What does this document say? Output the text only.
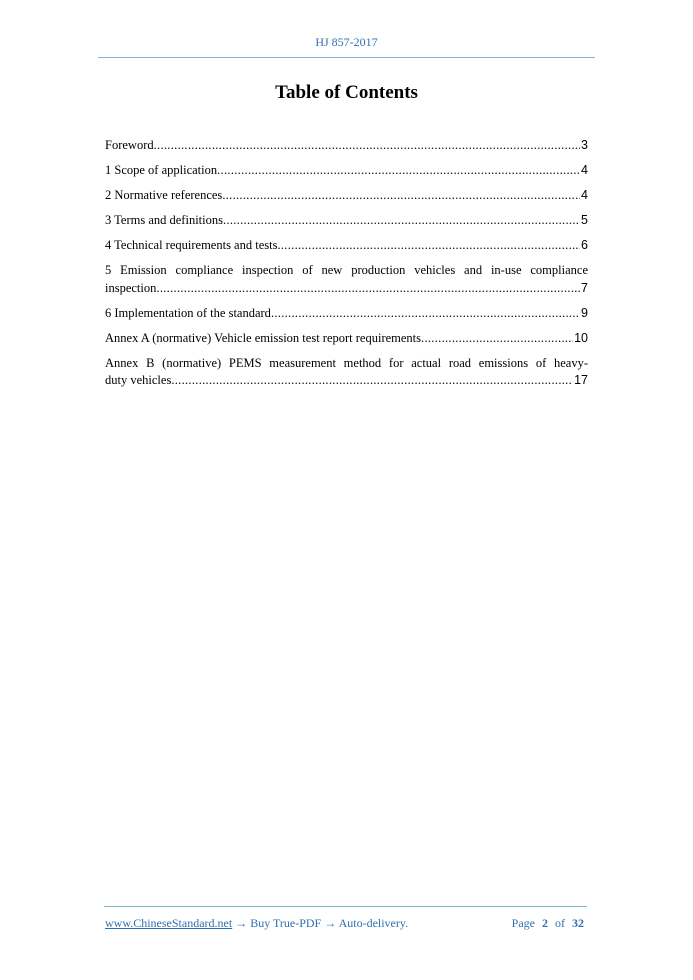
HJ 857-2017
Table of Contents
Foreword .....	3
1 Scope of application .....	4
2 Normative references .....	4
3 Terms and definitions .....	5
4 Technical requirements and tests .....	6
5 Emission compliance inspection of new production vehicles and in-use compliance
inspection .....	7
6 Implementation of the standard .....	9
Annex A (normative) Vehicle emission test report requirements .....	10
Annex B (normative) PEMS measurement method for actual road emissions of heavy-
duty vehicles .....	17
www.ChineseStandard.net → Buy True-PDF → Auto-delivery.	Page 2 of 32
